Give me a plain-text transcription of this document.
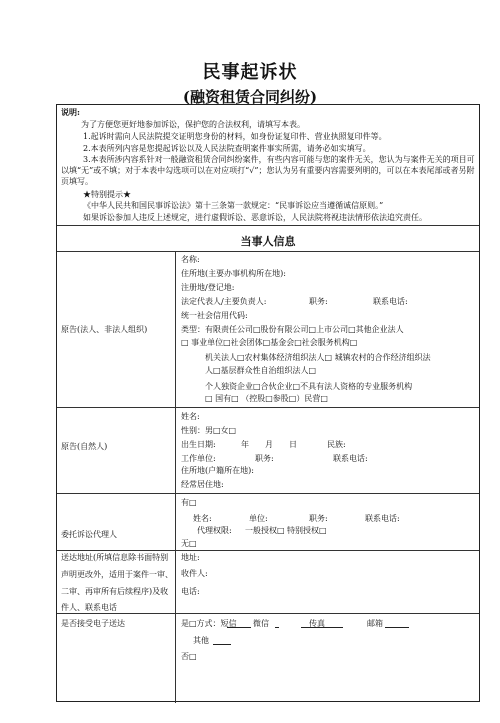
民事起诉状
(融资租赁合同纠纷)
说明:
为了方便您更好地参加诉讼，保护您的合法权利，请填写本表。
1.起诉时需向人民法院提交证明您身份的材料，如身份证复印件、营业执照复印件等。
2.本表所列内容是您提起诉讼以及人民法院查明案件事实所需，请务必如实填写。
3.本表所涉内容系针对一般融资租赁合同纠纷案件，有些内容可能与您的案件无关，您认为与案件无关的项目可以填“无”或不填；对于本表中勾选项可以在对应项打“√”；您认为另有重要内容需要列明的，可以在本表尾部或者另附页填写。
★特别提示★
《中华人民共和国民事诉讼法》第十三条第一款规定：“民事诉讼应当遵循诚信原则。”
如果诉讼参加人违反上述规定，进行虚假诉讼、恶意诉讼，人民法院将视违法情形依法追究责任。
当事人信息
原告(法人、非法人组织)
名称:
住所地(主要办事机构所在地):
注册地/登记地:
法定代表人/主要负责人:	职务:	联系电话:
统一社会信用代码:
类型：有限责任公司□股份有限公司□上市公司□其他企业法人
□ 事业单位□社会团体□基金会□社会服务机构□
机关法人□农村集体经济组织法人□ 城镇农村的合作经济组织法
人□基层群众性自治组织法人□
个人独资企业□合伙企业□不具有法人资格的专业服务机构
□ 国有□ （控股□参股□）民营□
原告(自然人)
姓名:
性别：男□女□
出生日期:	年 月 日	民族:
工作单位:	职务:	联系电话:
住所地(户籍所在地):
经常居住地:
委托诉讼代理人
有□
姓名:	单位:	职务:	联系电话:
代理权限: 一般授权□ 特别授权□
无□
送达地址(所填信息除书面特别
声明更改外，适用于案件一审、
二审、再审所有后续程序)及收
件人、联系电话
地址:
收件人:
电话:
是否接受电子送达	是□方式：短信 微信	传真	邮箱
其他
否□
